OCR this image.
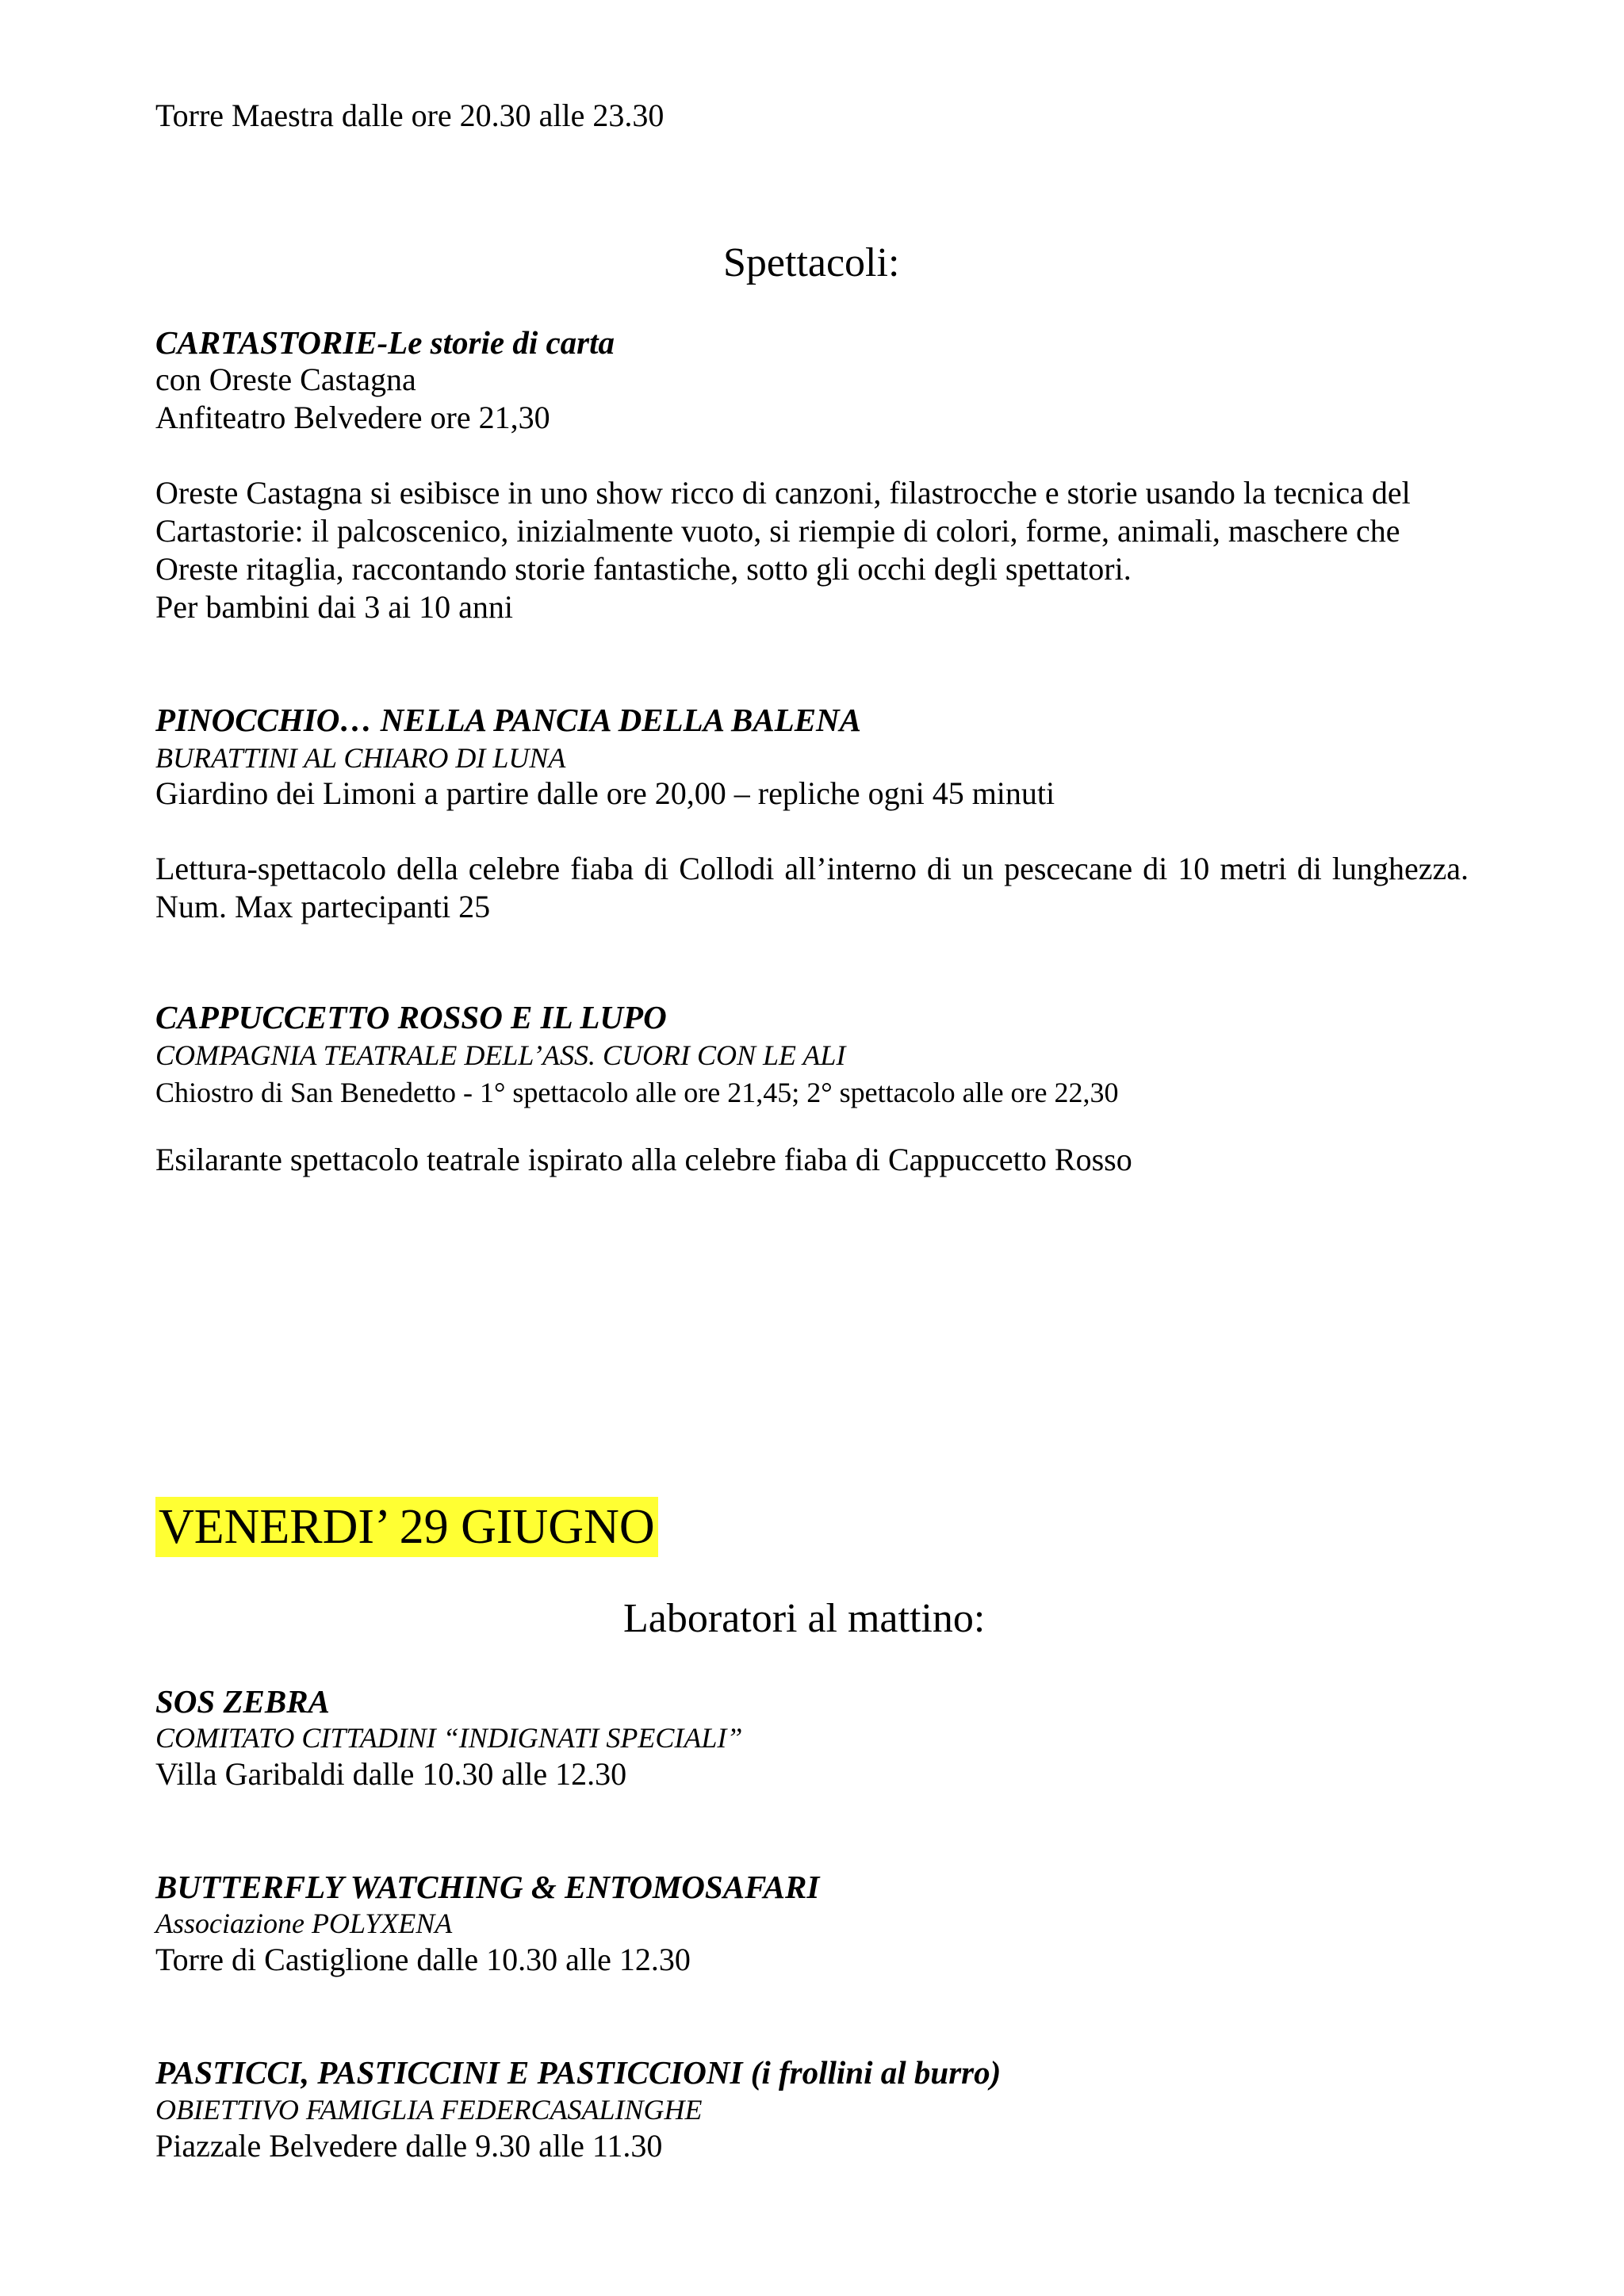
Torre Maestra dalle ore 20.30 alle 23.30
Spettacoli:
CARTASTORIE-Le storie di carta
con Oreste Castagna
Anfiteatro Belvedere ore 21,30
Oreste Castagna si esibisce in uno show ricco di canzoni, filastrocche e storie usando la tecnica del
Cartastorie: il palcoscenico, inizialmente vuoto, si riempie di colori, forme, animali, maschere che
Oreste ritaglia, raccontando storie fantastiche, sotto gli occhi degli spettatori.
Per bambini dai 3 ai 10 anni
PINOCCHIO… NELLA PANCIA DELLA BALENA
BURATTINI AL CHIARO DI LUNA
Giardino dei Limoni a partire dalle ore 20,00 – repliche ogni 45 minuti
Lettura-spettacolo della celebre fiaba di Collodi all’interno di un pescecane di 10 metri di lunghezza. Num. Max partecipanti 25
CAPPUCCETTO ROSSO E IL LUPO
COMPAGNIA TEATRALE DELL’ASS. CUORI CON LE ALI
Chiostro di San Benedetto - 1° spettacolo alle ore 21,45; 2° spettacolo alle ore 22,30
Esilarante spettacolo teatrale ispirato alla celebre fiaba di Cappuccetto Rosso
VENERDI’ 29 GIUGNO
Laboratori al mattino:
SOS ZEBRA
COMITATO CITTADINI “INDIGNATI SPECIALI”
Villa Garibaldi dalle 10.30 alle 12.30
BUTTERFLY WATCHING & ENTOMOSAFARI
Associazione POLYXENA
Torre di Castiglione dalle 10.30 alle 12.30
PASTICCI, PASTICCINI E PASTICCIONI (i frollini al burro)
OBIETTIVO FAMIGLIA FEDERCASALINGHE
Piazzale Belvedere dalle 9.30 alle 11.30
